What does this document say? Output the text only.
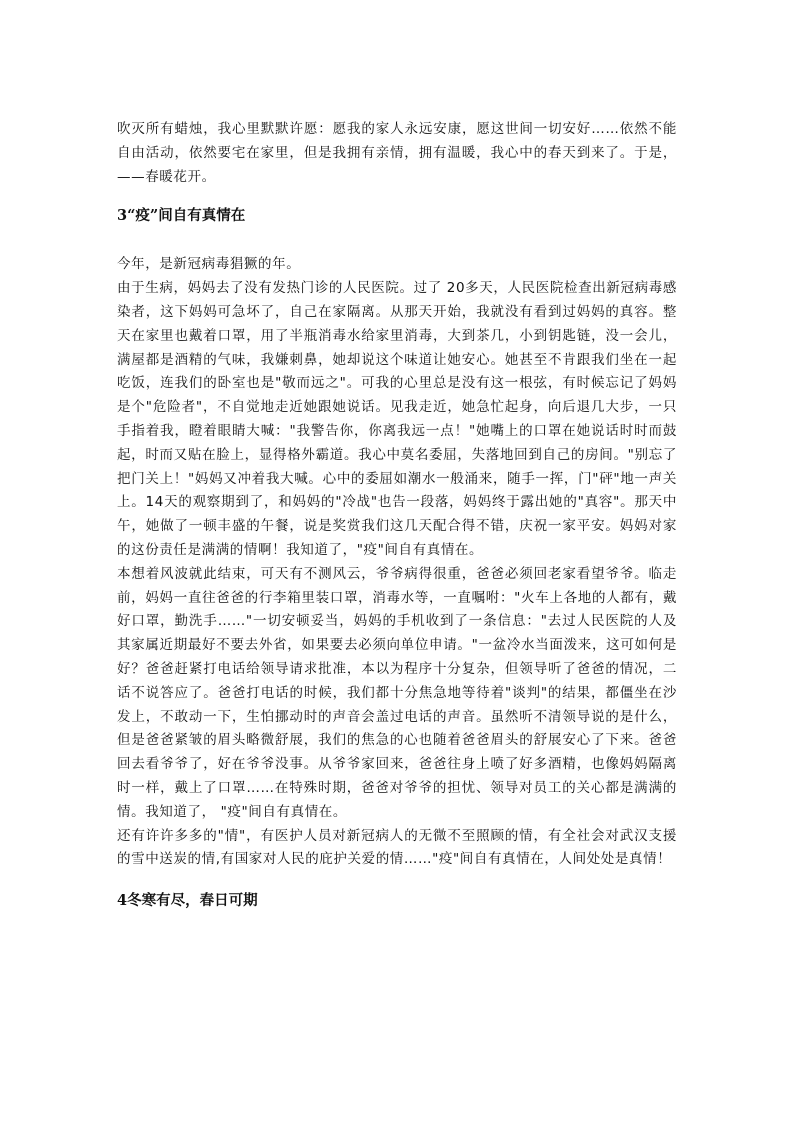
吹灭所有蜡烛，我心里默默许愿：愿我的家人永远安康，愿这世间一切安好……依然不能自由活动，依然要宅在家里，但是我拥有亲情，拥有温暖，我心中的春天到来了。于是，——春暖花开。

3“疫”间自有真情在

今年，是新冠病毒猖獗的年。

由于生病，妈妈去了没有发热门诊的人民医院。过了 20多天，人民医院检查出新冠病毒感染者，这下妈妈可急坏了，自己在家隔离。从那天开始，我就没有看到过妈妈的真容。整天在家里也戴着口罩，用了半瓶消毒水给家里消毒，大到茶几，小到钥匙链，没一会儿，满屋都是酒精的气味，我嫌刺鼻，她却说这个味道让她安心。她甚至不肯跟我们坐在一起吃饭，连我们的卧室也是"敬而远之"。可我的心里总是没有这一根弦，有时候忘记了妈妈是个"危险者"，不自觉地走近她跟她说话。见我走近，她急忙起身，向后退几大步，一只手指着我，瞪着眼睛大喊："我警告你，你离我远一点！"她嘴上的口罩在她说话时时而鼓起，时而又贴在脸上，显得格外霸道。我心中莫名委屈，失落地回到自己的房间。"别忘了把门关上！"妈妈又冲着我大喊。心中的委屈如潮水一般涌来，随手一挥，门"砰"地一声关上。14天的观察期到了，和妈妈的"冷战"也告一段落，妈妈终于露出她的"真容"。那天中午，她做了一顿丰盛的午餐，说是奖赏我们这几天配合得不错，庆祝一家平安。妈妈对家的这份责任是满满的情啊！我知道了，"疫"间自有真情在。

本想着风波就此结束，可天有不测风云，爷爷病得很重，爸爸必须回老家看望爷爷。临走前，妈妈一直往爸爸的行李箱里装口罩，消毒水等，一直嘱咐："火车上各地的人都有，戴好口罩，勤洗手……"一切安顿妥当，妈妈的手机收到了一条信息："去过人民医院的人及其家属近期最好不要去外省，如果要去必须向单位申请。"一盆冷水当面泼来，这可如何是好？爸爸赶紧打电话给领导请求批准，本以为程序十分复杂，但领导听了爸爸的情况，二话不说答应了。爸爸打电话的时候，我们都十分焦急地等待着"谈判"的结果，都僵坐在沙发上，不敢动一下，生怕挪动时的声音会盖过电话的声音。虽然听不清领导说的是什么，但是爸爸紧皱的眉头略微舒展，我们的焦急的心也随着爸爸眉头的舒展安心了下来。爸爸回去看爷爷了，好在爷爷没事。从爷爷家回来，爸爸往身上喷了好多酒精，也像妈妈隔离时一样，戴上了口罩……在特殊时期，爸爸对爷爷的担忧、领导对员工的关心都是满满的情。我知道了， "疫"间自有真情在。

还有许许多多的"情"，有医护人员对新冠病人的无微不至照顾的情，有全社会对武汉支援的雪中送炭的情,有国家对人民的庇护关爱的情……"疫"间自有真情在，人间处处是真情！

4冬寒有尽，春日可期
